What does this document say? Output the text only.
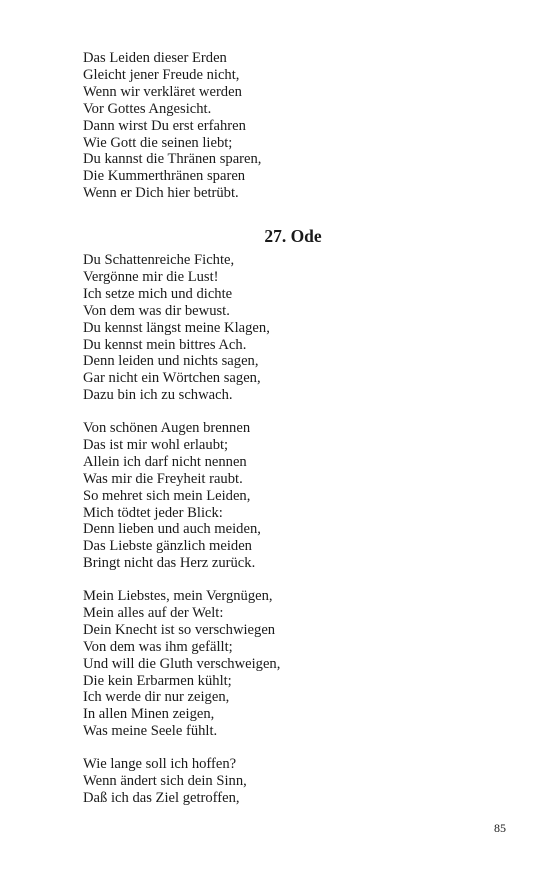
Das Leiden dieser Erden
Gleicht jener Freude nicht,
Wenn wir verkläret werden
Vor Gottes Angesicht.
Dann wirst Du erst erfahren
Wie Gott die seinen liebt;
Du kannst die Thränen sparen,
Die Kummerthränen sparen
Wenn er Dich hier betrübt.
27. Ode
Du Schattenreiche Fichte,
Vergönne mir die Lust!
Ich setze mich und dichte
Von dem was dir bewust.
Du kennst längst meine Klagen,
Du kennst mein bittres Ach.
Denn leiden und nichts sagen,
Gar nicht ein Wörtchen sagen,
Dazu bin ich zu schwach.
Von schönen Augen brennen
Das ist mir wohl erlaubt;
Allein ich darf nicht nennen
Was mir die Freyheit raubt.
So mehret sich mein Leiden,
Mich tödtet jeder Blick:
Denn lieben und auch meiden,
Das Liebste gänzlich meiden
Bringt nicht das Herz zurück.
Mein Liebstes, mein Vergnügen,
Mein alles auf der Welt:
Dein Knecht ist so verschwiegen
Von dem was ihm gefällt;
Und will die Gluth verschweigen,
Die kein Erbarmen kühlt;
Ich werde dir nur zeigen,
In allen Minen zeigen,
Was meine Seele fühlt.
Wie lange soll ich hoffen?
Wenn ändert sich dein Sinn,
Daß ich das Ziel getroffen,
85
